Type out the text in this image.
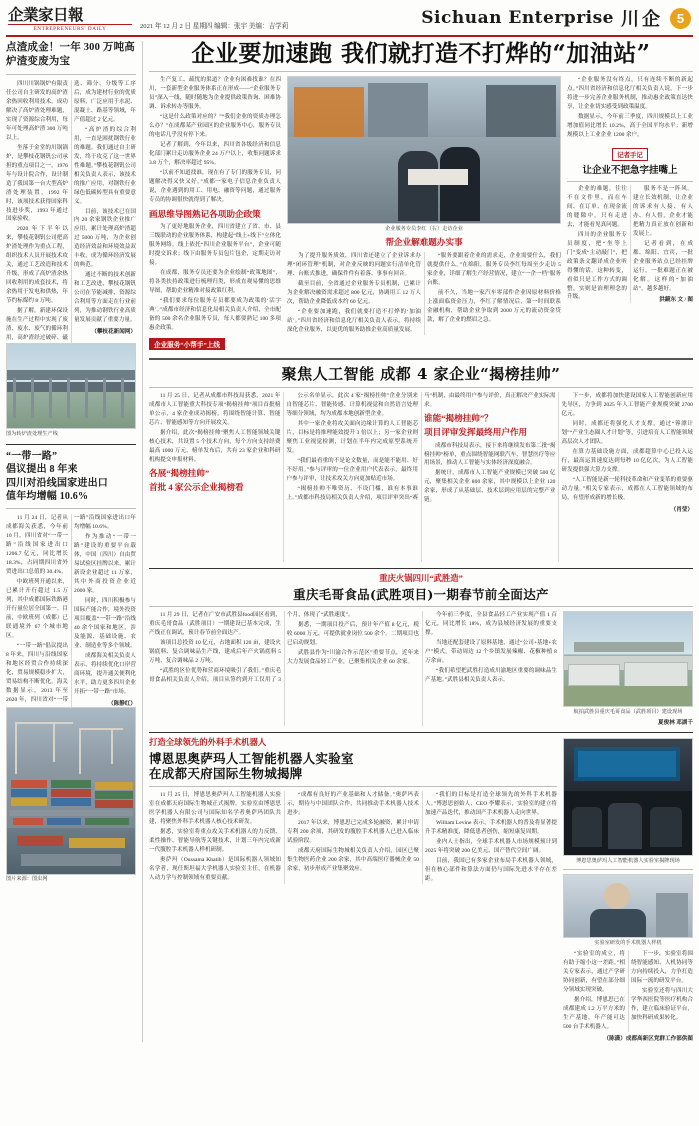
企業家日報
ENTREPRENEURS' DAILY	2021 年 12 月 2 日 星期四 编辑：张宇 美编：吉学莉	Sichuan Enterprise 川企	5
点渣成金！一年 300 万吨高炉渣变废为宝

四川川锅锅炉有限责任公司自主研发的高炉渣余热回收利用技术，成功解决了高炉渣处理难题，实现了资源综合利用，每年可处理高炉渣 300 万吨以上。

坐落于金堂的川锅锅炉，是攀枝花钢钒公司承担的重点项目之一，1976 年与设计院合作，设计制造了我国第一台大型高炉渣处理装置。1992 年时，该项技术获得国家科技进步奖，1993 年通过国家验收。

2020 年下半年以来，攀枝花钢钒公司把高炉渣处理作为重点工程，组织技术人员开展技术攻关，通过工艺改造和技术升级，形成了高炉渣余热回收利用的成套技术，将余热用于发电和供热，年节约标煤约 8 万吨。

据了解，新建环保设施在生产过程中实现了废渣、废水、废气的循环利用，高炉渣经过破碎、磁选、筛分、分级等工序后，成为建材行业的优质原料，广泛应用于水泥、混凝土、路基等领域，年产值超过 2 亿元。

“高炉渣的综合利用，一直是困扰钢铁行业的难题。我们通过自主研发，终于攻克了这一世界性难题。”攀枝花钢钒公司相关负责人表示，该技术的推广应用，对钢铁行业绿色低碳转型具有重要意义。

目前，该技术已在国内 20 余家钢铁企业推广应用，累计处理高炉渣超过 5000 万吨，为企业创造经济效益和环境效益双丰收，成为循环经济发展的典范。

通过不断的技术创新和工艺改进，攀枝花钢钒公司在节能减排、资源综合利用等方面走在行业前列，为推动钢铁行业高质量发展贡献了重要力量。

（攀枝花新闻网）
图为转炉渣处理生产线
“一带一路”
倡议提出 8 年来
四川对沿线国家进出口
值年均增幅 10.6%

11 月 24 日，记者从成都海关获悉，今年前 10 月，四川省对“一带一路”沿线国家进出口 1206.7 亿元，同比增长 18.3%，占同期四川省外贸进出口总值的 30.4%。

中欧班列开通以来，已累计开行超过 1.5 万列，其中成都国际铁路港开行量位居全国第一。目前，中欧班列（成都）已联通境外 67 个城市地区。

“一带一路”倡议提出 8 年来，四川与沿线国家和地区经贸合作持续深化，贸易规模稳步扩大，贸易结构不断优化。海关数据显示，2013 年至 2020 年，四川省对“一带一路”沿线国家进出口年均增幅 10.6%。

作为推动“一带一路”建设的重要平台载体，中国（四川）自由贸易试验区挂牌以来，累计新设企业超过 11 万家，其中外商投资企业近 2000 家。

同时，四川积极参与国际产能合作，境外投资项目覆盖“一带一路”沿线 40 余个国家和地区，涉及能源、基础设施、农业、制造业等多个领域。

成都海关相关负责人表示，将持续优化口岸营商环境，提升通关便利化水平，助力更多四川企业开拓“一带一路”市场。

（陈静红）
图片来源：图虫网
企业要加速跑 我们就打造不打烨的“加油站”

生产复工、疏忧的渠道？企业有困难找谁？在四川，一套新型企业服务体系正在形成——“企业服务专员”深入一线，随时随地为企业提供政策咨询、困难协调、诉求转办等服务。

“这是什么政策对应的？”“我们企业的资质办理怎么办？”在成都某产业园区的企业服务中心，服务专员的电话几乎没有停下来。

记者了解到，今年以来，四川省各级经济和信息化部门累计走访服务企业 24 万户以上，收集问题诉求 3.8 万个，解决率超过 95%。

“以前不知道找谁，现在有了专门的服务专员，问题解决得又快又好。”成都一家电子信息企业负责人说，企业遇到的用工、用电、融资等问题，通过服务专员的协调很快就得到了解决。

画思维导图熟记各项助企政策

为了更好地服务企业，四川省建立了省、市、县三级联动的企业服务体系，构建起“线上+线下”立体化服务网络。线上依托“四川企业服务平台”，企业可随时提交诉求；线下由服务专员包片包企，定期走访对接。

在成都，服务专员还要为企业绘制“政策地图”，将各类扶持政策进行梳理归类，形成直观易懂的思维导图，帮助企业精准对接政策红利。

“我们要求每位服务专员都要成为政策的‘活字典’。”成都市经济和信息化局相关负责人介绍，全市配备的 500 余名企业服务专员，每人都要熟记 100 多项惠企政策。

企业服务“小帮手”上线
企业服务专员李红（右）走访企业
帮企业解难题办实事

为了提升服务质效，四川省还建立了企业诉求办理“闭环管理”机制，对企业反映的问题实行清单化管理、台账式推进，确保件件有着落、事事有回音。

截至目前，全省通过企业服务专员机制，已累计为企业解决融资需求超过 800 亿元，协调用工 12 万人次，帮助企业降低成本约 60 亿元。

“企业要加速跑，我们就要打造不打烨的‘加油站’。”四川省经济和信息化厅相关负责人表示，将持续深化企业服务，以更优的服务助推企业高质量发展。

“服务要跟着企业的需求走，企业需要什么，我们就提供什么。”在绵阳，服务专员李红每周至少走访 5 家企业，详细了解生产经营情况，建立“一企一档”服务台账。

前不久，当地一家汽车零部件企业因原材料价格上涨面临资金压力，李红了解情况后，第一时间联系金融机构，帮助企业争取到 2000 万元的流动资金贷款，解了企业的燃眉之急。

“企业服务没有终点，只有连续不断的新起点。”四川省经济和信息化厅相关负责人说，下一步将进一步完善企业服务机制，推动惠企政策直达快享，让企业切实感受到政策温度。

数据显示，今年前三季度，四川规模以上工业增加值同比增长 10.2%，高于全国平均水平；新增规模以上工业企业 1200 余户。

记者手记
让企业不把急字挂嘴上

企业的难题，往往不在文件里，而在车间、在订单、在现金流的缝隙中。只有走进去，才能看见真问题。

四川的企业服务专员制度，把“坐等上门”变成“主动敲门”，把政策条文翻译成企业听得懂的话。这种转变，看似只是工作方式的调整，实则是治理理念的升级。

服务不是一阵风。建立长效机制，让企业的诉求有人接、有人办、有人督，企业才能把精力真正放在创新和发展上。

记者看到，在成都、绵阳、宜宾，一批企业服务站点已经挂牌运行，一批难题正在被化解。这样的“加油站”，越多越好。

洪鏡东 文 / 图
聚焦人工智能 成都 4 家企业“揭榜挂帅”

11 月 25 日，记者从成都市科技局获悉，2021 年成都市人工智能重大科技专项“揭榜挂帅”项目首批榜单公示，4 家企业成功揭榜，将围绕智能计算、智能芯片、智能感知等方向开展攻关。

据介绍，此次“揭榜挂帅”聚焦人工智能领域关键核心技术，共设置 5 个技术方向，每个方向支持经费最高 1000 万元。榜单发布后，共有 23 家企业和科研机构提交申报材料。

各展“揭榜挂帅”
首批 4 家公示企业揭榜看

公示名单显示，此次 4 家“揭榜挂帅”企业分别来自智能芯片、智能传感、计算机视觉和自然语言处理等细分领域，均为成都本地创新型企业。

其中一家企业将攻关面向边缘计算的人工智能芯片，目标是将推理能效提升 3 倍以上；另一家企业则聚焦工业视觉检测，计划在半年内完成原型系统开发。

“我们最看重的不是论文数量，而是能不能用、好不好用。”参与评审的一位企业用户代表表示，最终用户参与评审，让技术攻关方向更加贴近市场。

“揭榜挂帅不唯资历、不设门槛，谁有本事谁上。”成都市科技局相关负责人介绍，项目评审突出“赛马”机制，由最终用户参与评价，真正解决产业实际需求。

谁能“揭榜挂帅”？
项目评审发挥最终用户作用

成都市科技局表示，接下来将继续发布第二批“揭榜挂帅”榜单，重点围绕智能网联汽车、智慧医疗等应用场景，推动人工智能与实体经济深度融合。

据统计，成都市人工智能产业规模已突破 500 亿元，聚集相关企业 800 余家，其中规模以上企业 120 余家，形成了从基础层、技术层到应用层的完整产业链。

下一步，成都将加快建设国家人工智能创新应用先导区，力争到 2025 年人工智能产业规模突破 2700 亿元。

同时，成都还将强化人才支撑，通过“蓉漂计划”“产业生态圈人才计划”等，引进培育人工智能领域高层次人才团队。

在算力基础设施方面，成都超算中心已投入运行，最高运算速度达到每秒 10 亿亿次，为人工智能研发提供强大算力支撑。

“人工智能是新一轮科技革命和产业变革的重要驱动力量。”相关专家表示，成都在人工智能领域的布局，有望形成新的增长极。

（肖莹）
重庆火锅四川“武胜造”
重庆毛哥食品(武胜项目)一期春节前全面达产

11 月 29 日，记者在广安市武胜县food园区看到，重庆毛哥食品（武胜项目）一期建设已基本完成，生产线正在调试，预计春节前全面达产。

该项目总投资 10 亿元，占地面积 120 亩，建设火锅底料、复合调味品生产线，建成后年产火锅底料 5 万吨、复合调味品 2 万吨。

“武胜的区位优势和营商环境吸引了我们。”重庆毛哥食品相关负责人介绍，项目从签约到开工仅用了 3 个月，体现了“武胜速度”。

据悉，一期项目投产后，预计年产值 8 亿元，税收 6000 万元，可提供就业岗位 500 余个。二期项目也已启动规划。

武胜县作为“川渝合作示范区”重要节点，近年来大力发展食品轻工产业，已聚集相关企业 60 余家。

今年前三季度，全县食品轻工产业实现产值 1 百亿元，同比增长 18%，成为县域经济发展的重要支撑。

当地还配套建设了原料基地，通过“公司+基地+农户”模式，带动周边 12 个乡镇发展辣椒、花椒种植 8 万余亩。

“我们希望把武胜打造成川渝地区重要的调味品生产基地。”武胜县相关负责人表示。

航拍武胜县重庆毛哥食品（武胜项目）建设现场
夏俊林 邓湖千
打造全球领先的外科手术机器人
博恩思奥萨玛人工智能机器人实验室
在成都天府国际生物城揭牌

11 月 25 日，博恩思奥萨玛人工智能机器人实验室在成都天府国际生物城正式揭牌。实验室由博恩思医学机器人有限公司与国际知名学者奥萨玛团队共建，将聚焦外科手术机器人核心技术研发。

据悉，实验室将重点攻关手术机器人的力反馈、柔性操作、智能导航等关键技术，计划三年内完成新一代腹腔手术机器人样机研制。

奥萨玛（Oussama Khatib）是国际机器人领域知名学者，现任斯坦福大学机器人实验室主任，在机器人动力学与控制领域有重要贡献。

“成都有良好的产业基础和人才储备。”奥萨玛表示，期待与中国团队合作，共同推动手术机器人技术进步。

2017 年以来，博恩思已完成多轮融资，累计申请专利 200 余项，其研发的腹腔手术机器人已进入临床试验阶段。

成都天府国际生物城相关负责人介绍，园区已聚集生物医药企业 200 余家，其中高端医疗器械企业 50 余家，初步形成产业集聚效应。

“我们的目标是打造全球领先的外科手术机器人。”博恩思创始人、CEO 李耀表示，实验室的建立将加速产品迭代，推动国产手术机器人走向世界。

William Levine 表示，手术机器人的普及将显著提升手术精准度，降低患者创伤，缩短康复周期。

业内人士指出，全球手术机器人市场规模预计到 2025 年将突破 200 亿美元，国产替代空间广阔。

目前，我国已有多家企业布局手术机器人领域，但在核心部件和算法方面仍与国际先进水平存在差距。

博恩思奥萨玛人工智能机器人实验室揭牌现场
实验室研发的手术机器人样机

“实验室的成立，将有助于缩小这一差距。”相关专家表示，通过产学研协同创新，有望在部分细分领域实现突破。

据介绍，博恩思已在成都建成 1.2 万平方米的生产基地，年产能可达 500 台手术机器人。

下一步，实验室将围绕智能感知、人机协同等方向持续投入，力争打造国际一流的研发平台。

实验室还将与四川大学华西医院等医疗机构合作，建立临床验证平台，加快科研成果转化。

（陈潇）成都高新区党群工作部供图
